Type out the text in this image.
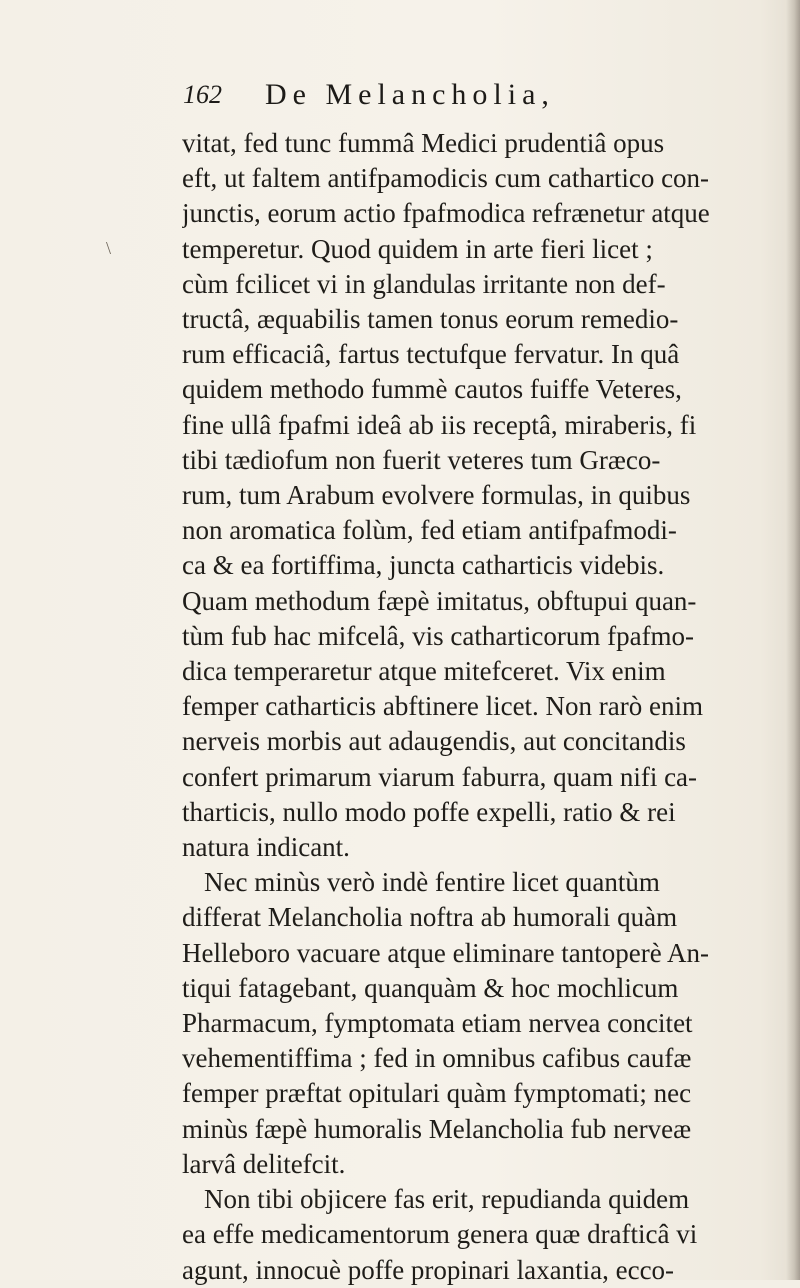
162 De Melancholia,
\
vitat, fed tunc fummâ Medici prudentiâ opus
eft, ut faltem antifpamodicis cum cathartico con-
junctis, eorum actio fpafmodica refrænetur atque
temperetur. Quod quidem in arte fieri licet ;
cùm fcilicet vi in glandulas irritante non def-
tructâ, æquabilis tamen tonus eorum remedio-
rum efficaciâ, fartus tectufque fervatur. In quâ
quidem methodo fummè cautos fuiffe Veteres,
fine ullâ fpafmi ideâ ab iis receptâ, miraberis, fi
tibi tædiofum non fuerit veteres tum Græco-
rum, tum Arabum evolvere formulas, in quibus
non aromatica folùm, fed etiam antifpafmodi-
ca & ea fortiffima, juncta catharticis videbis.
Quam methodum fæpè imitatus, obftupui quan-
tùm fub hac mifcelâ, vis catharticorum fpafmo-
dica temperaretur atque mitefceret. Vix enim
femper catharticis abftinere licet. Non rarò enim
nerveis morbis aut adaugendis, aut concitandis
confert primarum viarum faburra, quam nifi ca-
tharticis, nullo modo poffe expelli, ratio & rei
natura indicant.
Nec minùs verò indè fentire licet quantùm
differat Melancholia noftra ab humorali quàm
Helleboro vacuare atque eliminare tantoperè An-
tiqui fatagebant, quanquàm & hoc mochlicum
Pharmacum, fymptomata etiam nervea concitet
vehementiffima ; fed in omnibus cafibus caufæ
femper præftat opitulari quàm fymptomati; nec
minùs fæpè humoralis Melancholia fub nerveæ
larvâ delitefcit.
Non tibi objicere fas erit, repudianda quidem
ea effe medicamentorum genera quæ drafticâ vi
agunt, innocuè poffe propinari laxantia, ecco-
